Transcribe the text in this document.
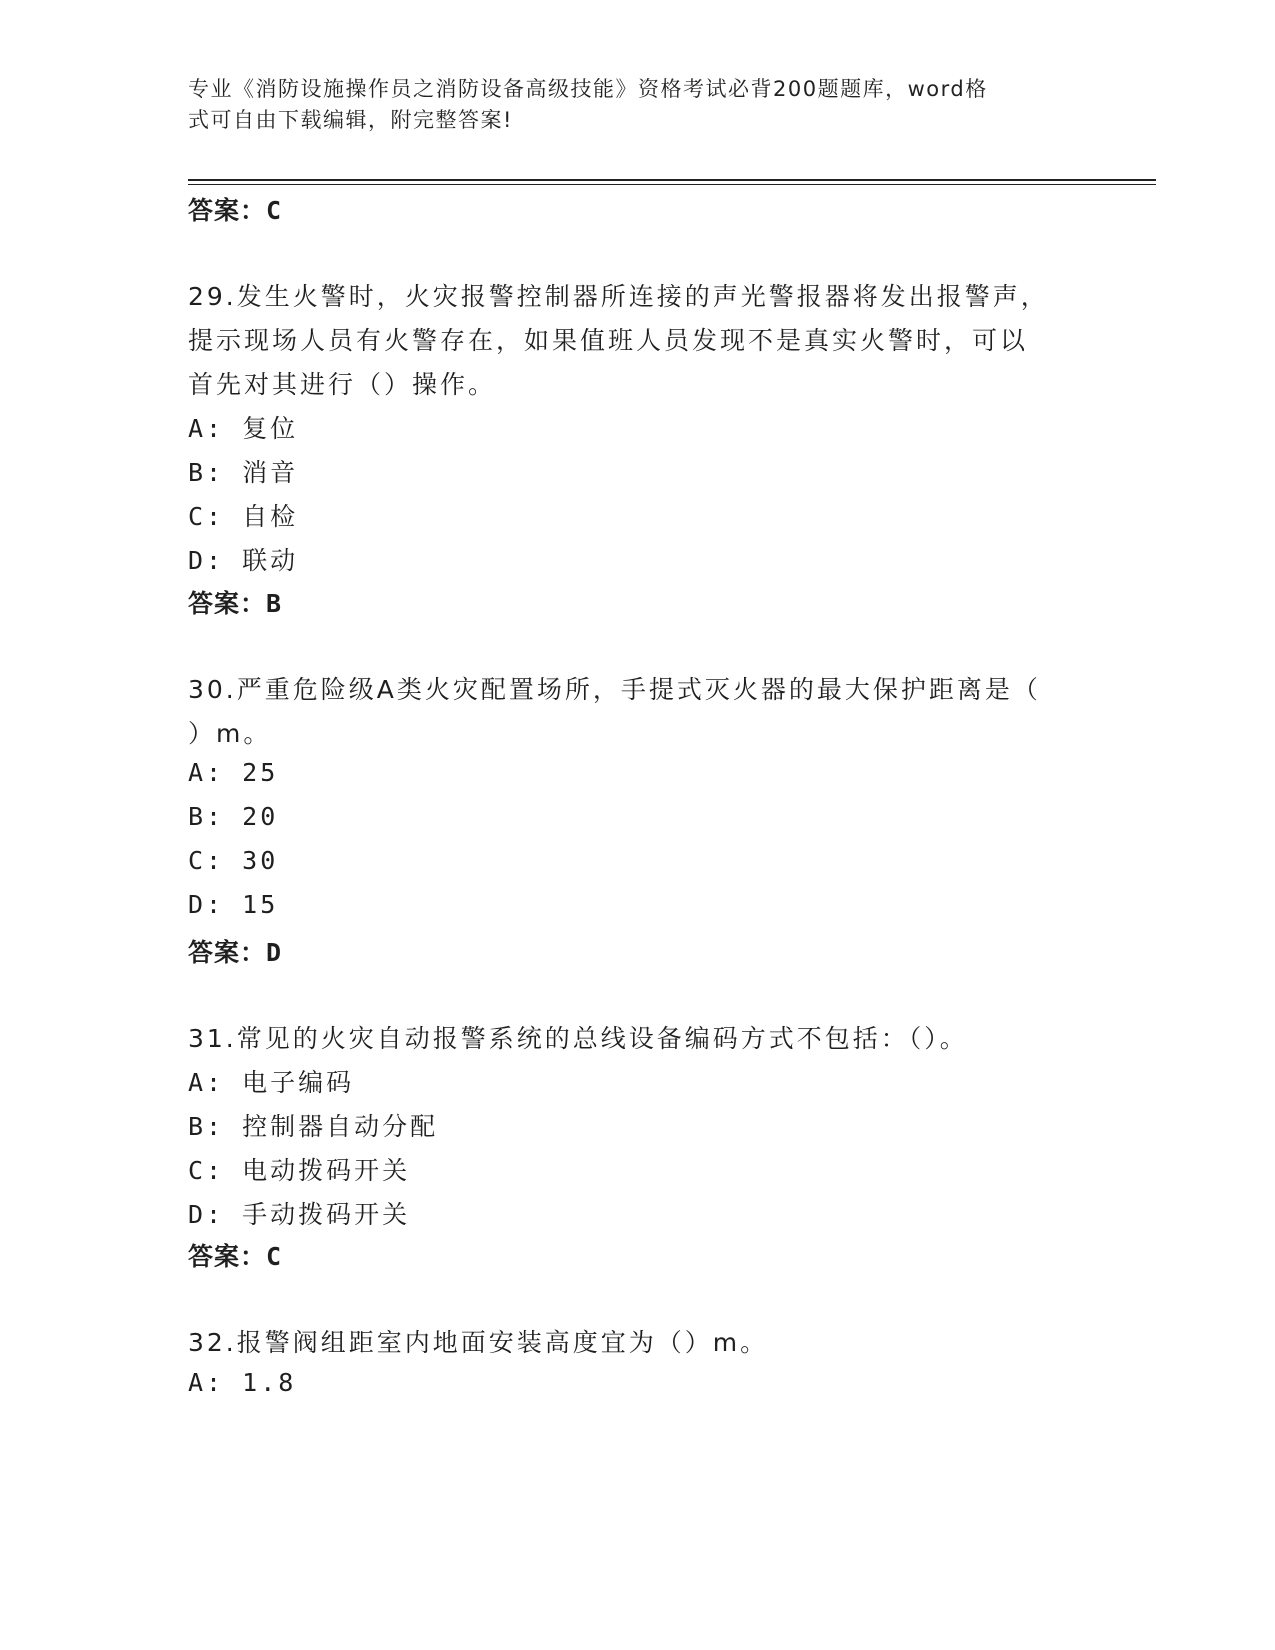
专业《消防设施操作员之消防设备高级技能》资格考试必背200题题库，word格
式可自由下载编辑，附完整答案!
答案：C
29.发生火警时，火灾报警控制器所连接的声光警报器将发出报警声，
提示现场人员有火警存在，如果值班人员发现不是真实火警时，可以
首先对其进行（）操作。
A: 复位
B: 消音
C: 自检
D: 联动
答案：B
30.严重危险级A类火灾配置场所，手提式灭火器的最大保护距离是（
）m。
A: 25
B: 20
C: 30
D: 15
答案：D
31.常见的火灾自动报警系统的总线设备编码方式不包括：（）。
A: 电子编码
B: 控制器自动分配
C: 电动拨码开关
D: 手动拨码开关
答案：C
32.报警阀组距室内地面安装高度宜为（）m。
A: 1.8
